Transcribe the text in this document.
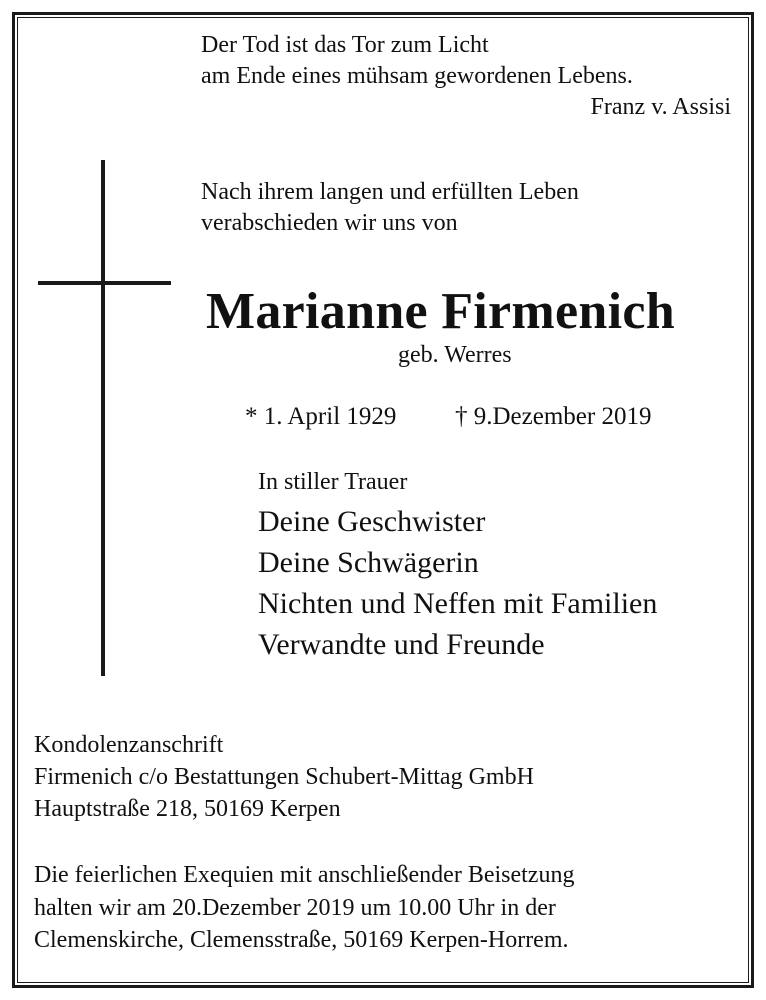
Der Tod ist das Tor zum Licht

am Ende eines mühsam gewordenen Lebens.

Franz v. Assisi

Nach ihrem langen und erfüllten Leben

verabschieden wir uns von

Marianne Firmenich

geb. Werres

* 1. April 1929 † 9.Dezember 2019

In stiller Trauer

Deine Geschwister

Deine Schwägerin

Nichten und Neffen mit Familien

Verwandte und Freunde

Kondolenzanschrift

Firmenich c/o Bestattungen Schubert-Mittag GmbH

Hauptstraße 218, 50169 Kerpen

Die feierlichen Exequien mit anschließender Beisetzung

halten wir am 20.Dezember 2019 um 10.00 Uhr in der

Clemenskirche, Clemensstraße, 50169 Kerpen-Horrem.
